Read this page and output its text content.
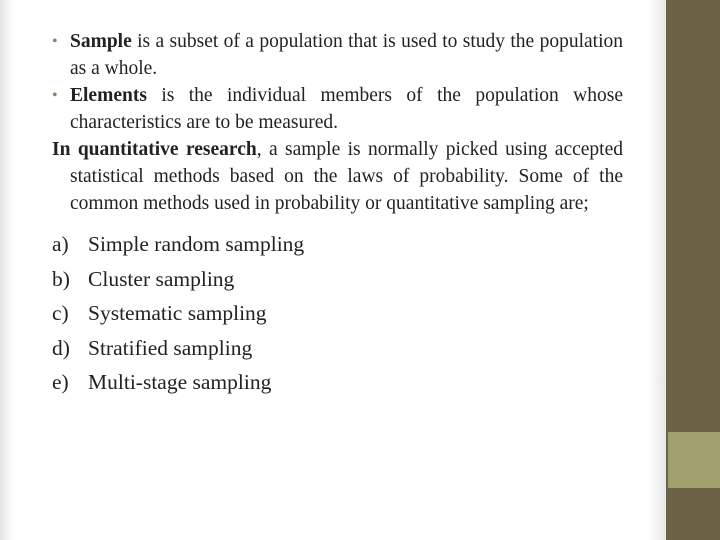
• Sample is a subset of a population that is used to study the population as a whole.

• Elements is the individual members of the population whose characteristics are to be measured.

In quantitative research, a sample is normally picked using accepted statistical methods based on the laws of probability. Some of the common methods used in probability or quantitative sampling are;

a) Simple random sampling
b) Cluster sampling
c) Systematic sampling
d) Stratified sampling
e) Multi-stage sampling
